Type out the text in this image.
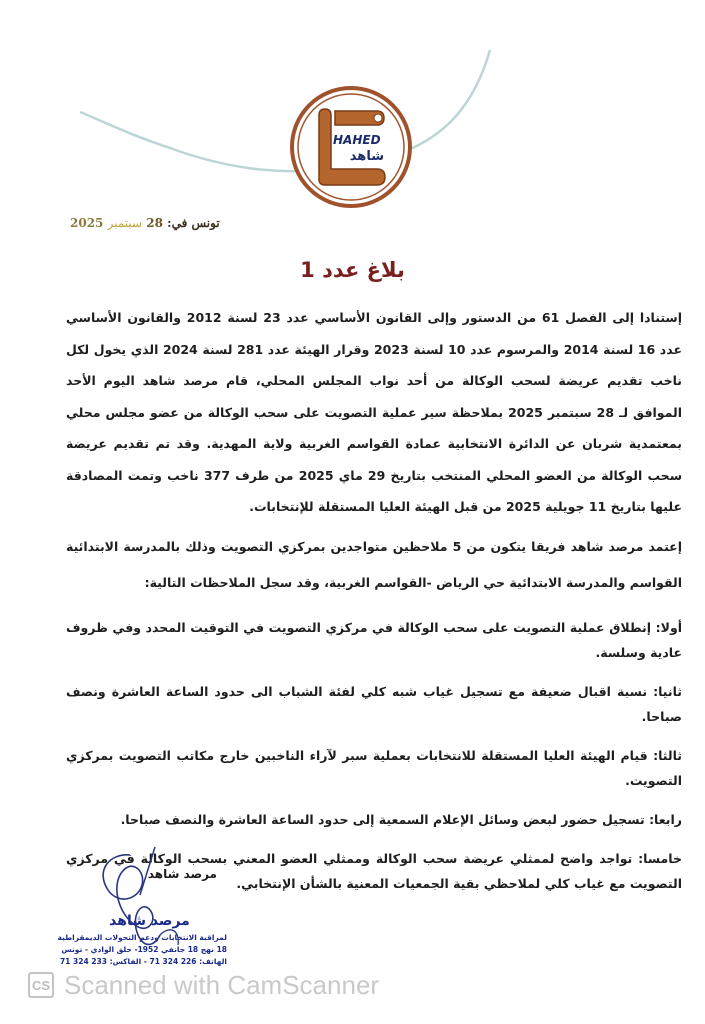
HAHED
شاهد
تونس في: 28 سبتمبر 2025
بلاغ عدد 1

إستنادا إلى الفصل 61 من الدستور وإلى القانون الأساسي عدد 23 لسنة 2012 والقانون الأساسي عدد 16 لسنة 2014 والمرسوم عدد 10 لسنة 2023 وقرار الهيئة عدد 281 لسنة 2024 الذي يخول لكل ناخب تقديم عريضة لسحب الوكالة من أحد نواب المجلس المحلي، قام مرصد شاهد اليوم الأحد الموافق لـ 28 سبتمبر 2025 بملاحظة سير عملية التصويت على سحب الوكالة من عضو مجلس محلي بمعتمدية شربان عن الدائرة الانتخابية عمادة القواسم الغربية ولاية المهدية. وقد تم تقديم عريضة سحب الوكالة من العضو المحلي المنتخب بتاريخ 29 ماي 2025 من طرف 377 ناخب وتمت المصادقة عليها بتاريخ 11 جويلية 2025 من قبل الهيئة العليا المستقلة للإنتخابات.

إعتمد مرصد شاهد فريقا يتكون من 5 ملاحظين متواجدين بمركزي التصويت وذلك بالمدرسة الابتدائية القواسم والمدرسة الابتدائية حي الرياض -القواسم الغربية، وقد سجل الملاحظات التالية:

أولا: إنطلاق عملية التصويت على سحب الوكالة في مركزي التصويت في التوقيت المحدد وفي ظروف عادية وسلسة.

ثانيا: نسبة اقبال ضعيفة مع تسجيل غياب شبه كلي لفئة الشباب الى حدود الساعة العاشرة ونصف صباحا.

ثالثا: قيام الهيئة العليا المستقلة للانتخابات بعملية سبر لآراء الناخبين خارج مكاتب التصويت بمركزي التصويت.

رابعا: تسجيل حضور لبعض وسائل الإعلام السمعية إلى حدود الساعة العاشرة والنصف صباحا.

خامسا: تواجد واضح لممثلي عريضة سحب الوكالة وممثلي العضو المعني بسحب الوكالة في مركزي التصويت مع غياب كلي لملاحظي بقية الجمعيات المعنية بالشأن الإنتخابي.

مرصد شاهد
مرصد شاهد
لمراقبة الانتخابات ودعم التحولات الديمقراطية
18 نهج 18 جانفي 1952- حلق الوادي - تونس
الهاتف: 226 324 71 - الفاكس: 233 324 71
CS Scanned with CamScanner
